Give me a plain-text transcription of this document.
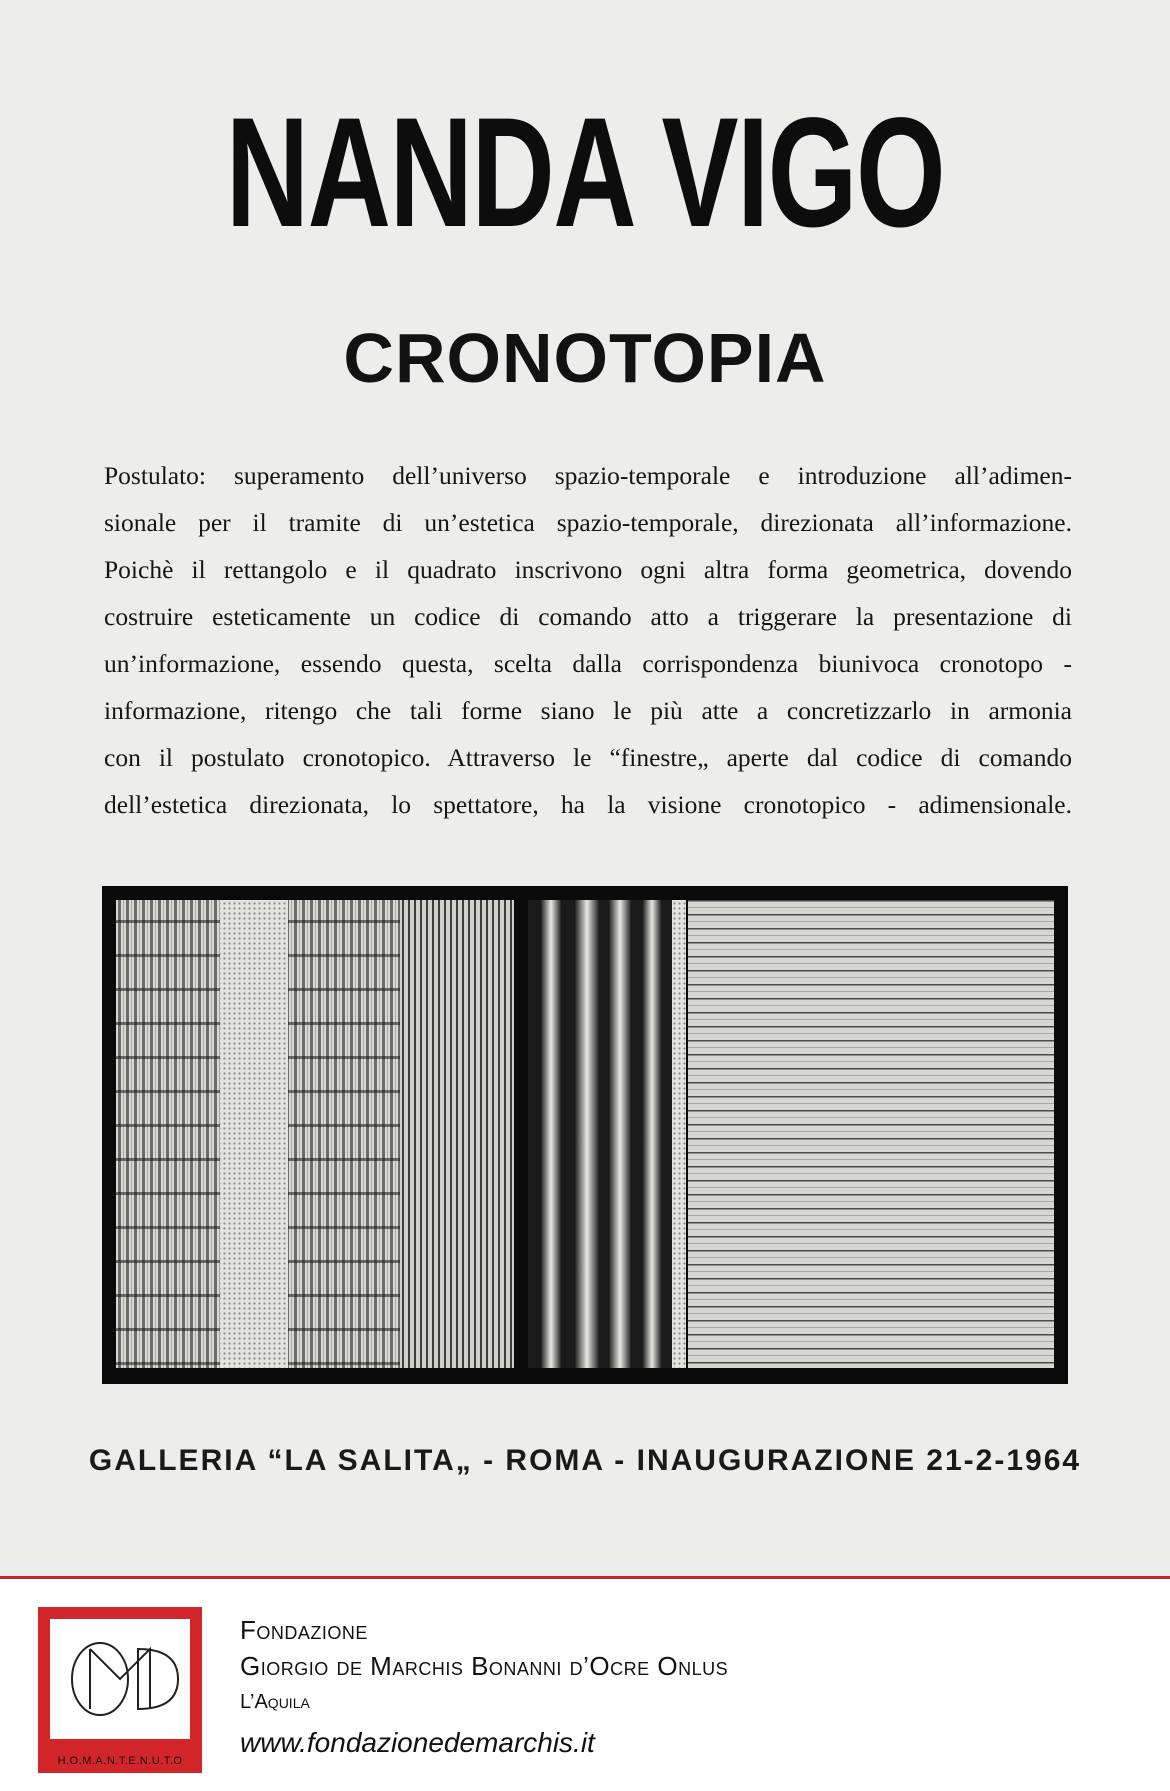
NANDA VIGO
CRONOTOPIA
Postulato: superamento dell’universo spazio-temporale e introduzione all’adimen-
sionale per il tramite di un’estetica spazio-temporale, direzionata all’informazione.
Poichè il rettangolo e il quadrato inscrivono ogni altra forma geometrica, dovendo
costruire esteticamente un codice di comando atto a triggerare la presentazione di
un’informazione, essendo questa, scelta dalla corrispondenza biunivoca cronotopo -
informazione, ritengo che tali forme siano le più atte a concretizzarlo in armonia
con il postulato cronotopico. Attraverso le “finestre„ aperte dal codice di comando
dell’estetica direzionata, lo spettatore, ha la visione cronotopico - adimensionale.
GALLERIA “LA SALITA„ - ROMA - INAUGURAZIONE 21-2-1964
H.O.M.A.N.T.E.N.U.T.O
Fondazione
Giorgio de Marchis Bonanni d’Ocre Onlus
L’Aquila
www.fondazionedemarchis.it
